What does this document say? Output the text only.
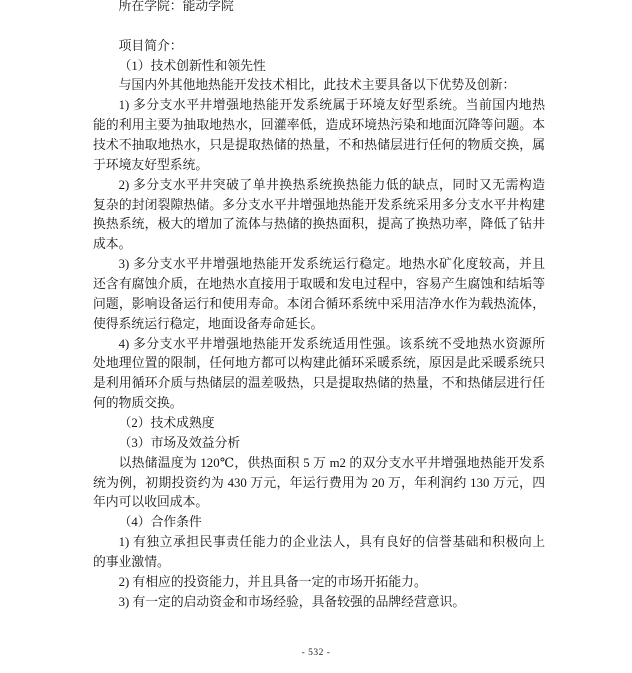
所在学院：能动学院
项目简介：
（1）技术创新性和领先性
与国内外其他地热能开发技术相比，此技术主要具备以下优势及创新：
1) 多分支水平井增强地热能开发系统属于环境友好型系统。当前国内地热
能的利用主要为抽取地热水，回灌率低，造成环境热污染和地面沉降等问题。本
技术不抽取地热水，只是提取热储的热量，不和热储层进行任何的物质交换，属
于环境友好型系统。
2) 多分支水平井突破了单井换热系统换热能力低的缺点，同时又无需构造
复杂的封闭裂隙热储。多分支水平井增强地热能开发系统采用多分支水平井构建
换热系统，极大的增加了流体与热储的换热面积，提高了换热功率，降低了钻井
成本。
3) 多分支水平井增强地热能开发系统运行稳定。地热水矿化度较高，并且
还含有腐蚀介质，在地热水直接用于取暖和发电过程中，容易产生腐蚀和结垢等
问题，影响设备运行和使用寿命。本闭合循环系统中采用洁净水作为载热流体，
使得系统运行稳定，地面设备寿命延长。
4) 多分支水平井增强地热能开发系统适用性强。该系统不受地热水资源所
处地理位置的限制，任何地方都可以构建此循环采暖系统，原因是此采暖系统只
是利用循环介质与热储层的温差吸热，只是提取热储的热量，不和热储层进行任
何的物质交换。
（2）技术成熟度
（3）市场及效益分析
以热储温度为 120℃，供热面积 5 万 m2 的双分支水平井增强地热能开发系
统为例，初期投资约为 430 万元，年运行费用为 20 万，年利润约 130 万元，四
年内可以收回成本。
（4）合作条件
1) 有独立承担民事责任能力的企业法人，具有良好的信誉基础和积极向上
的事业激情。
2) 有相应的投资能力，并且具备一定的市场开拓能力。
3) 有一定的启动资金和市场经验，具备较强的品牌经营意识。
- 532 -
